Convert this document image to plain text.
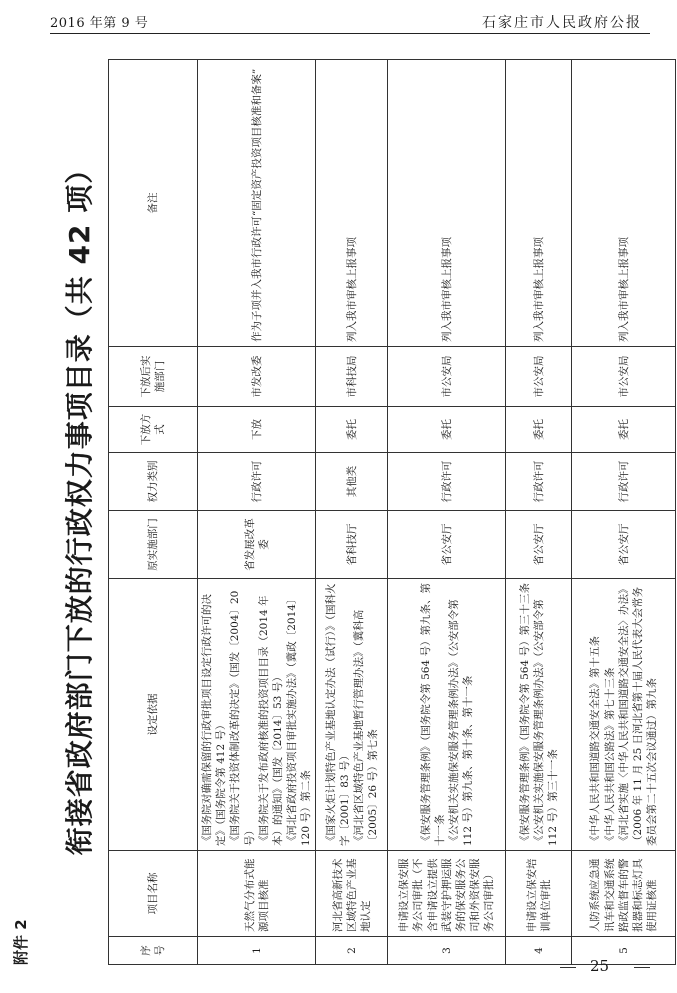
2016 年第 9 号	石家庄市人民政府公报
附件 2
衔接省政府部门下放的行政权力事项目录（共 42 项）
序号	项目名称	设定依据	原实施部门	权力类别	下放方式	下放后实施部门	备注
1	天然气分布式能源项目核准	《国务院对确需保留的行政审批项目设定行政许可的决定》（国务院令第 412 号） 《国务院关于投资体制改革的决定》（国发〔2004〕20 号） 《国务院关于发布政府核准的投资项目目录（2014 年本）的通知》（国发〔2014〕53 号） 《河北省政府投资项目审批实施办法》（冀政〔2014〕120 号）第二条	省发展改革委	行政许可	下放	市发改委	作为子项并入我市行政许可“固定资产投资项目核准和备案”
2	河北省高新技术区域特色产业基地认定	《国家火炬计划特色产业基地认定办法（试行）》（国科火字〔2001〕83 号） 《河北省区域特色产业基地暂行管理办法》（冀科高〔2005〕26 号）第七条	省科技厅	其他类	委托	市科技局	列入我市审核上报事项
3	申请设立保安服务公司审批（不含申请设立提供武装守护押运服务的保安服务公司和外资保安服务公司审批）	《保安服务管理条例》（国务院令第 564 号）第九条、第十一条 《公安机关实施保安服务管理条例办法》（公安部令第 112 号）第九条、第十条、第十一条	省公安厅	行政许可	委托	市公安局	列入我市审核上报事项
4	申请设立保安培训单位审批	《保安服务管理条例》（国务院令第 564 号）第三十三条 《公安机关实施保安服务管理条例办法》（公安部令第 112 号）第三十一条	省公安厅	行政许可	委托	市公安局	列入我市审核上报事项
5	人防系统应急通讯车和交通系统路政监督车的警报器和标志灯具使用证核准	《中华人民共和国道路交通安全法》第十五条 《中华人民共和国公路法》第七十三条 《河北省实施〈中华人民共和国道路交通安全法〉办法》（2006 年 11 月 25 日河北省第十届人民代表大会常务委员会第二十五次会议通过）第九条	省公安厅	行政许可	委托	市公安局	列入我市审核上报事项
25
